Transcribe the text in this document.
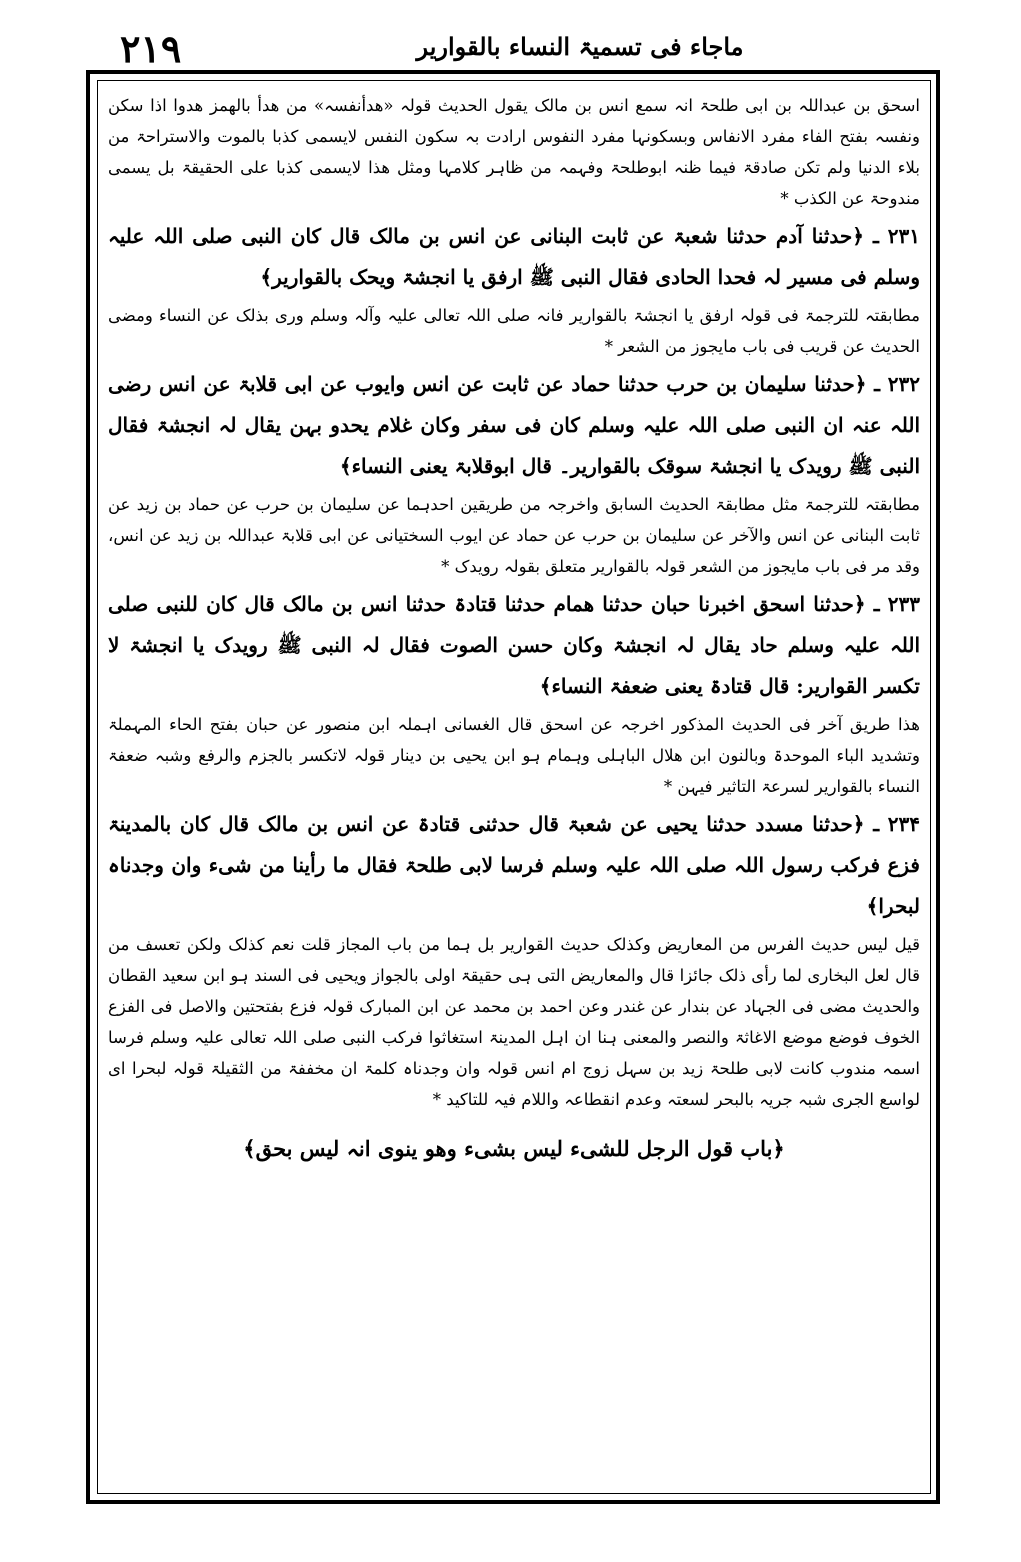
۲۱۹	ماجاء فی تسمیۃ النساء بالقواریر

اسحق بن عبداللہ بن ابی طلحۃ انہ سمع انس بن مالک یقول الحدیث قولہ «ھدأنفسہ» من ھدأ بالھمز ھدوا اذا سکن ونفسہ بفتح الفاء مفرد الانفاس وبسکونہا مفرد النفوس ارادت بہ سکون النفس لایسمی کذبا بالموت والاستراحۃ من بلاء الدنیا ولم تکن صادقۃ فیما ظنہ ابوطلحۃ وفہمہ من ظاہر کلامہا ومثل ھذا لایسمی کذبا علی الحقیقۃ بل یسمی مندوحۃ عن الکذب *

۲۳۱ ـ ﴿حدثنا آدم حدثنا شعبۃ عن ثابت البنانی عن انس بن مالک قال کان النبی صلی اللہ علیہ وسلم فی مسیر لہ فحدا الحادی فقال النبی ﷺ ارفق یا انجشۃ ویحک بالقواریر﴾

مطابقتہ للترجمۃ فی قولہ ارفق یا انجشۃ بالقواریر فانہ صلی اللہ تعالی علیہ وآلہ وسلم وری بذلک عن النساء ومضی الحدیث عن قریب فی باب مایجوز من الشعر *

۲۳۲ ـ ﴿حدثنا سلیمان بن حرب حدثنا حماد عن ثابت عن انس وایوب عن ابی قلابۃ عن انس رضی اللہ عنہ ان النبی صلی اللہ علیہ وسلم کان فی سفر وکان غلام یحدو بہن یقال لہ انجشۃ فقال النبی ﷺ رویدک یا انجشۃ سوقک بالقواریر۔ قال ابوقلابۃ یعنی النساء﴾

مطابقتہ للترجمۃ مثل مطابقۃ الحدیث السابق واخرجہ من طریقین احدہما عن سلیمان بن حرب عن حماد بن زید عن ثابت البنانی عن انس والآخر عن سلیمان بن حرب عن حماد عن ایوب السختیانی عن ابی قلابۃ عبداللہ بن زید عن انس، وقد مر فی باب مایجوز من الشعر قولہ بالقواریر متعلق بقولہ رویدک *

۲۳۳ ـ ﴿حدثنا اسحق اخبرنا حبان حدثنا ھمام حدثنا قتادۃ حدثنا انس بن مالک قال کان للنبی صلی اللہ علیہ وسلم حاد یقال لہ انجشۃ وکان حسن الصوت فقال لہ النبی ﷺ رویدک یا انجشۃ لا تکسر القواریر: قال قتادۃ یعنی ضعفۃ النساء﴾

ھذا طریق آخر فی الحدیث المذکور اخرجہ عن اسحق قال الغسانی اہملہ ابن منصور عن حبان بفتح الحاء المہملۃ وتشدید الباء الموحدۃ وبالنون ابن ھلال الباہلی وہمام ہو ابن یحیی بن دینار قولہ لاتکسر بالجزم والرفع وشبہ ضعفۃ النساء بالقواریر لسرعۃ التاثیر فیہن *

۲۳۴ ـ ﴿حدثنا مسدد حدثنا یحیی عن شعبۃ قال حدثنی قتادۃ عن انس بن مالک قال کان بالمدینۃ فزع فرکب رسول اللہ صلی اللہ علیہ وسلم فرسا لابی طلحۃ فقال ما رأینا من شیء وان وجدناہ لبحرا﴾

قیل لیس حدیث الفرس من المعاریض وکذلک حدیث القواریر بل ہما من باب المجاز قلت نعم کذلک ولکن تعسف من قال لعل البخاری لما رأی ذلک جائزا قال والمعاریض التی ہی حقیقۃ اولی بالجواز ویحیی فی السند ہو ابن سعید القطان والحدیث مضی فی الجہاد عن بندار عن غندر وعن احمد بن محمد عن ابن المبارک قولہ فزع بفتحتین والاصل فی الفزع الخوف فوضع موضع الاغاثۃ والنصر والمعنی ہنا ان اہل المدینۃ استغاثوا فرکب النبی صلی اللہ تعالی علیہ وسلم فرسا اسمہ مندوب کانت لابی طلحۃ زید بن سہل زوج ام انس قولہ وان وجدناہ کلمۃ ان مخففۃ من الثقیلۃ قولہ لبحرا ای لواسع الجری شبہ جریہ بالبحر لسعتہ وعدم انقطاعہ واللام فیہ للتاکید *

﴿باب قول الرجل للشیء لیس بشیء وھو ینوی انہ لیس بحق﴾
